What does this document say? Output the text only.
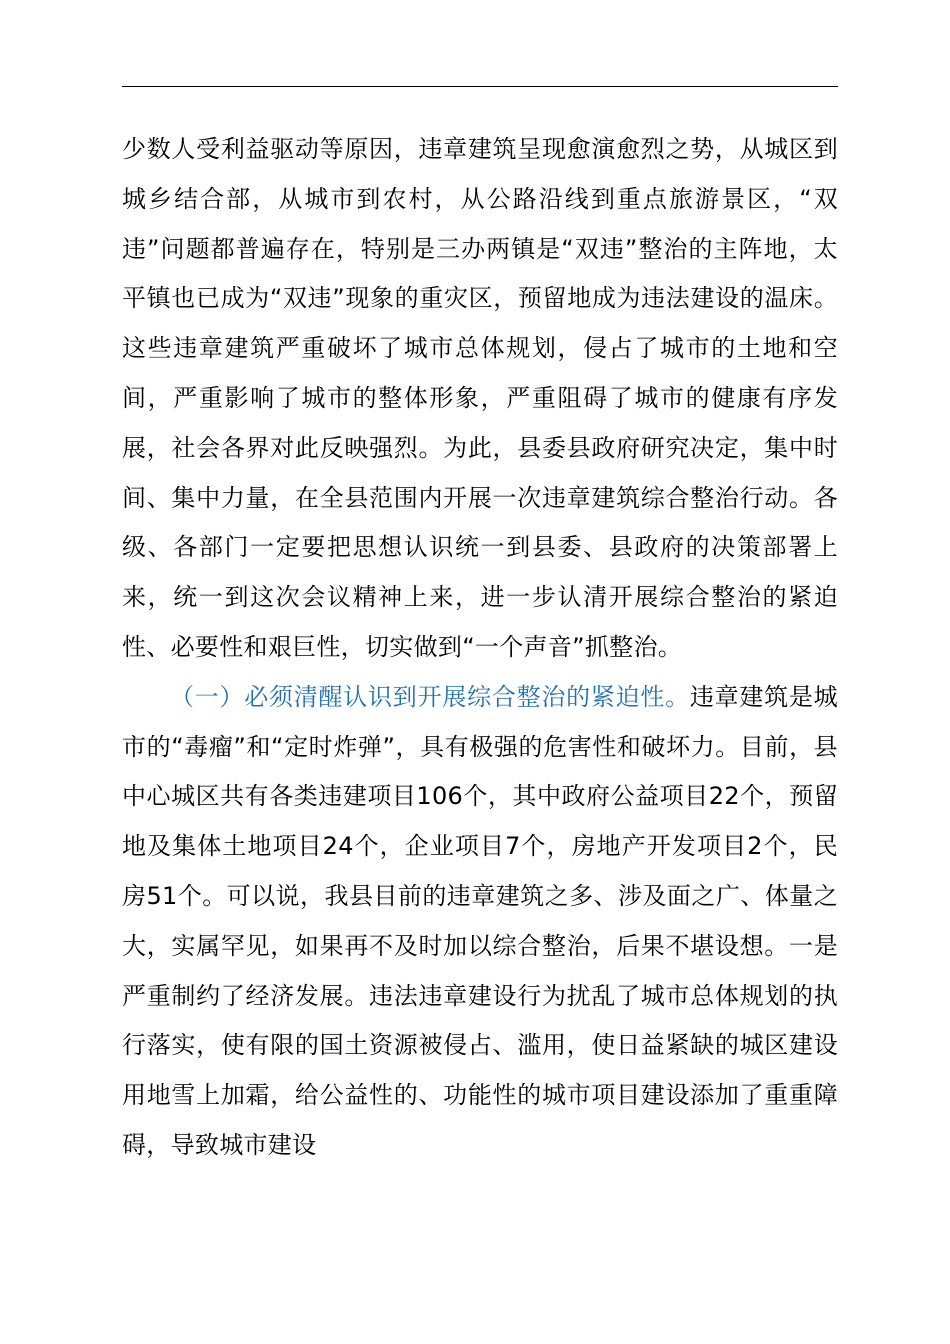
少数人受利益驱动等原因，违章建筑呈现愈演愈烈之势，从城区到城乡结合部，从城市到农村，从公路沿线到重点旅游景区，“双违”问题都普遍存在，特别是三办两镇是“双违”整治的主阵地，太平镇也已成为“双违”现象的重灾区，预留地成为违法建设的温床。这些违章建筑严重破坏了城市总体规划，侵占了城市的土地和空间，严重影响了城市的整体形象，严重阻碍了城市的健康有序发展，社会各界对此反映强烈。为此，县委县政府研究决定，集中时间、集中力量，在全县范围内开展一次违章建筑综合整治行动。各级、各部门一定要把思想认识统一到县委、县政府的决策部署上来，统一到这次会议精神上来，进一步认清开展综合整治的紧迫性、必要性和艰巨性，切实做到“一个声音”抓整治。

（一）必须清醒认识到开展综合整治的紧迫性。违章建筑是城市的“毒瘤”和“定时炸弹”，具有极强的危害性和破坏力。目前，县中心城区共有各类违建项目106个，其中政府公益项目22个，预留地及集体土地项目24个，企业项目7个，房地产开发项目2个，民房51个。可以说，我县目前的违章建筑之多、涉及面之广、体量之大，实属罕见，如果再不及时加以综合整治，后果不堪设想。一是严重制约了经济发展。违法违章建设行为扰乱了城市总体规划的执行落实，使有限的国土资源被侵占、滥用，使日益紧缺的城区建设用地雪上加霜，给公益性的、功能性的城市项目建设添加了重重障碍，导致城市建设
